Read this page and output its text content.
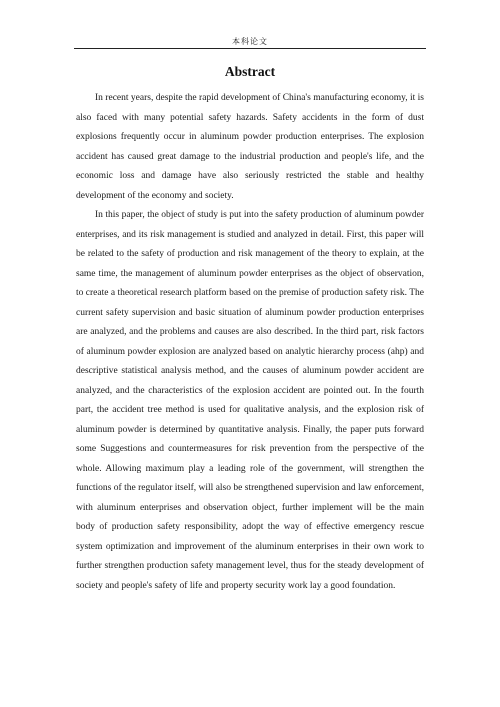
本科论文
Abstract

In recent years, despite the rapid development of China's manufacturing economy, it is also faced with many potential safety hazards. Safety accidents in the form of dust explosions frequently occur in aluminum powder production enterprises. The explosion accident has caused great damage to the industrial production and people's life, and the economic loss and damage have also seriously restricted the stable and healthy development of the economy and society.

In this paper, the object of study is put into the safety production of aluminum powder enterprises, and its risk management is studied and analyzed in detail. First, this paper will be related to the safety of production and risk management of the theory to explain, at the same time, the management of aluminum powder enterprises as the object of observation, to create a theoretical research platform based on the premise of production safety risk. The current safety supervision and basic situation of aluminum powder production enterprises are analyzed, and the problems and causes are also described. In the third part, risk factors of aluminum powder explosion are analyzed based on analytic hierarchy process (ahp) and descriptive statistical analysis method, and the causes of aluminum powder accident are analyzed, and the characteristics of the explosion accident are pointed out. In the fourth part, the accident tree method is used for qualitative analysis, and the explosion risk of aluminum powder is determined by quantitative analysis. Finally, the paper puts forward some Suggestions and countermeasures for risk prevention from the perspective of the whole. Allowing maximum play a leading role of the government, will strengthen the functions of the regulator itself, will also be strengthened supervision and law enforcement, with aluminum enterprises and observation object, further implement will be the main body of production safety responsibility, adopt the way of effective emergency rescue system optimization and improvement of the aluminum enterprises in their own work to further strengthen production safety management level, thus for the steady development of society and people's safety of life and property security work lay a good foundation.
